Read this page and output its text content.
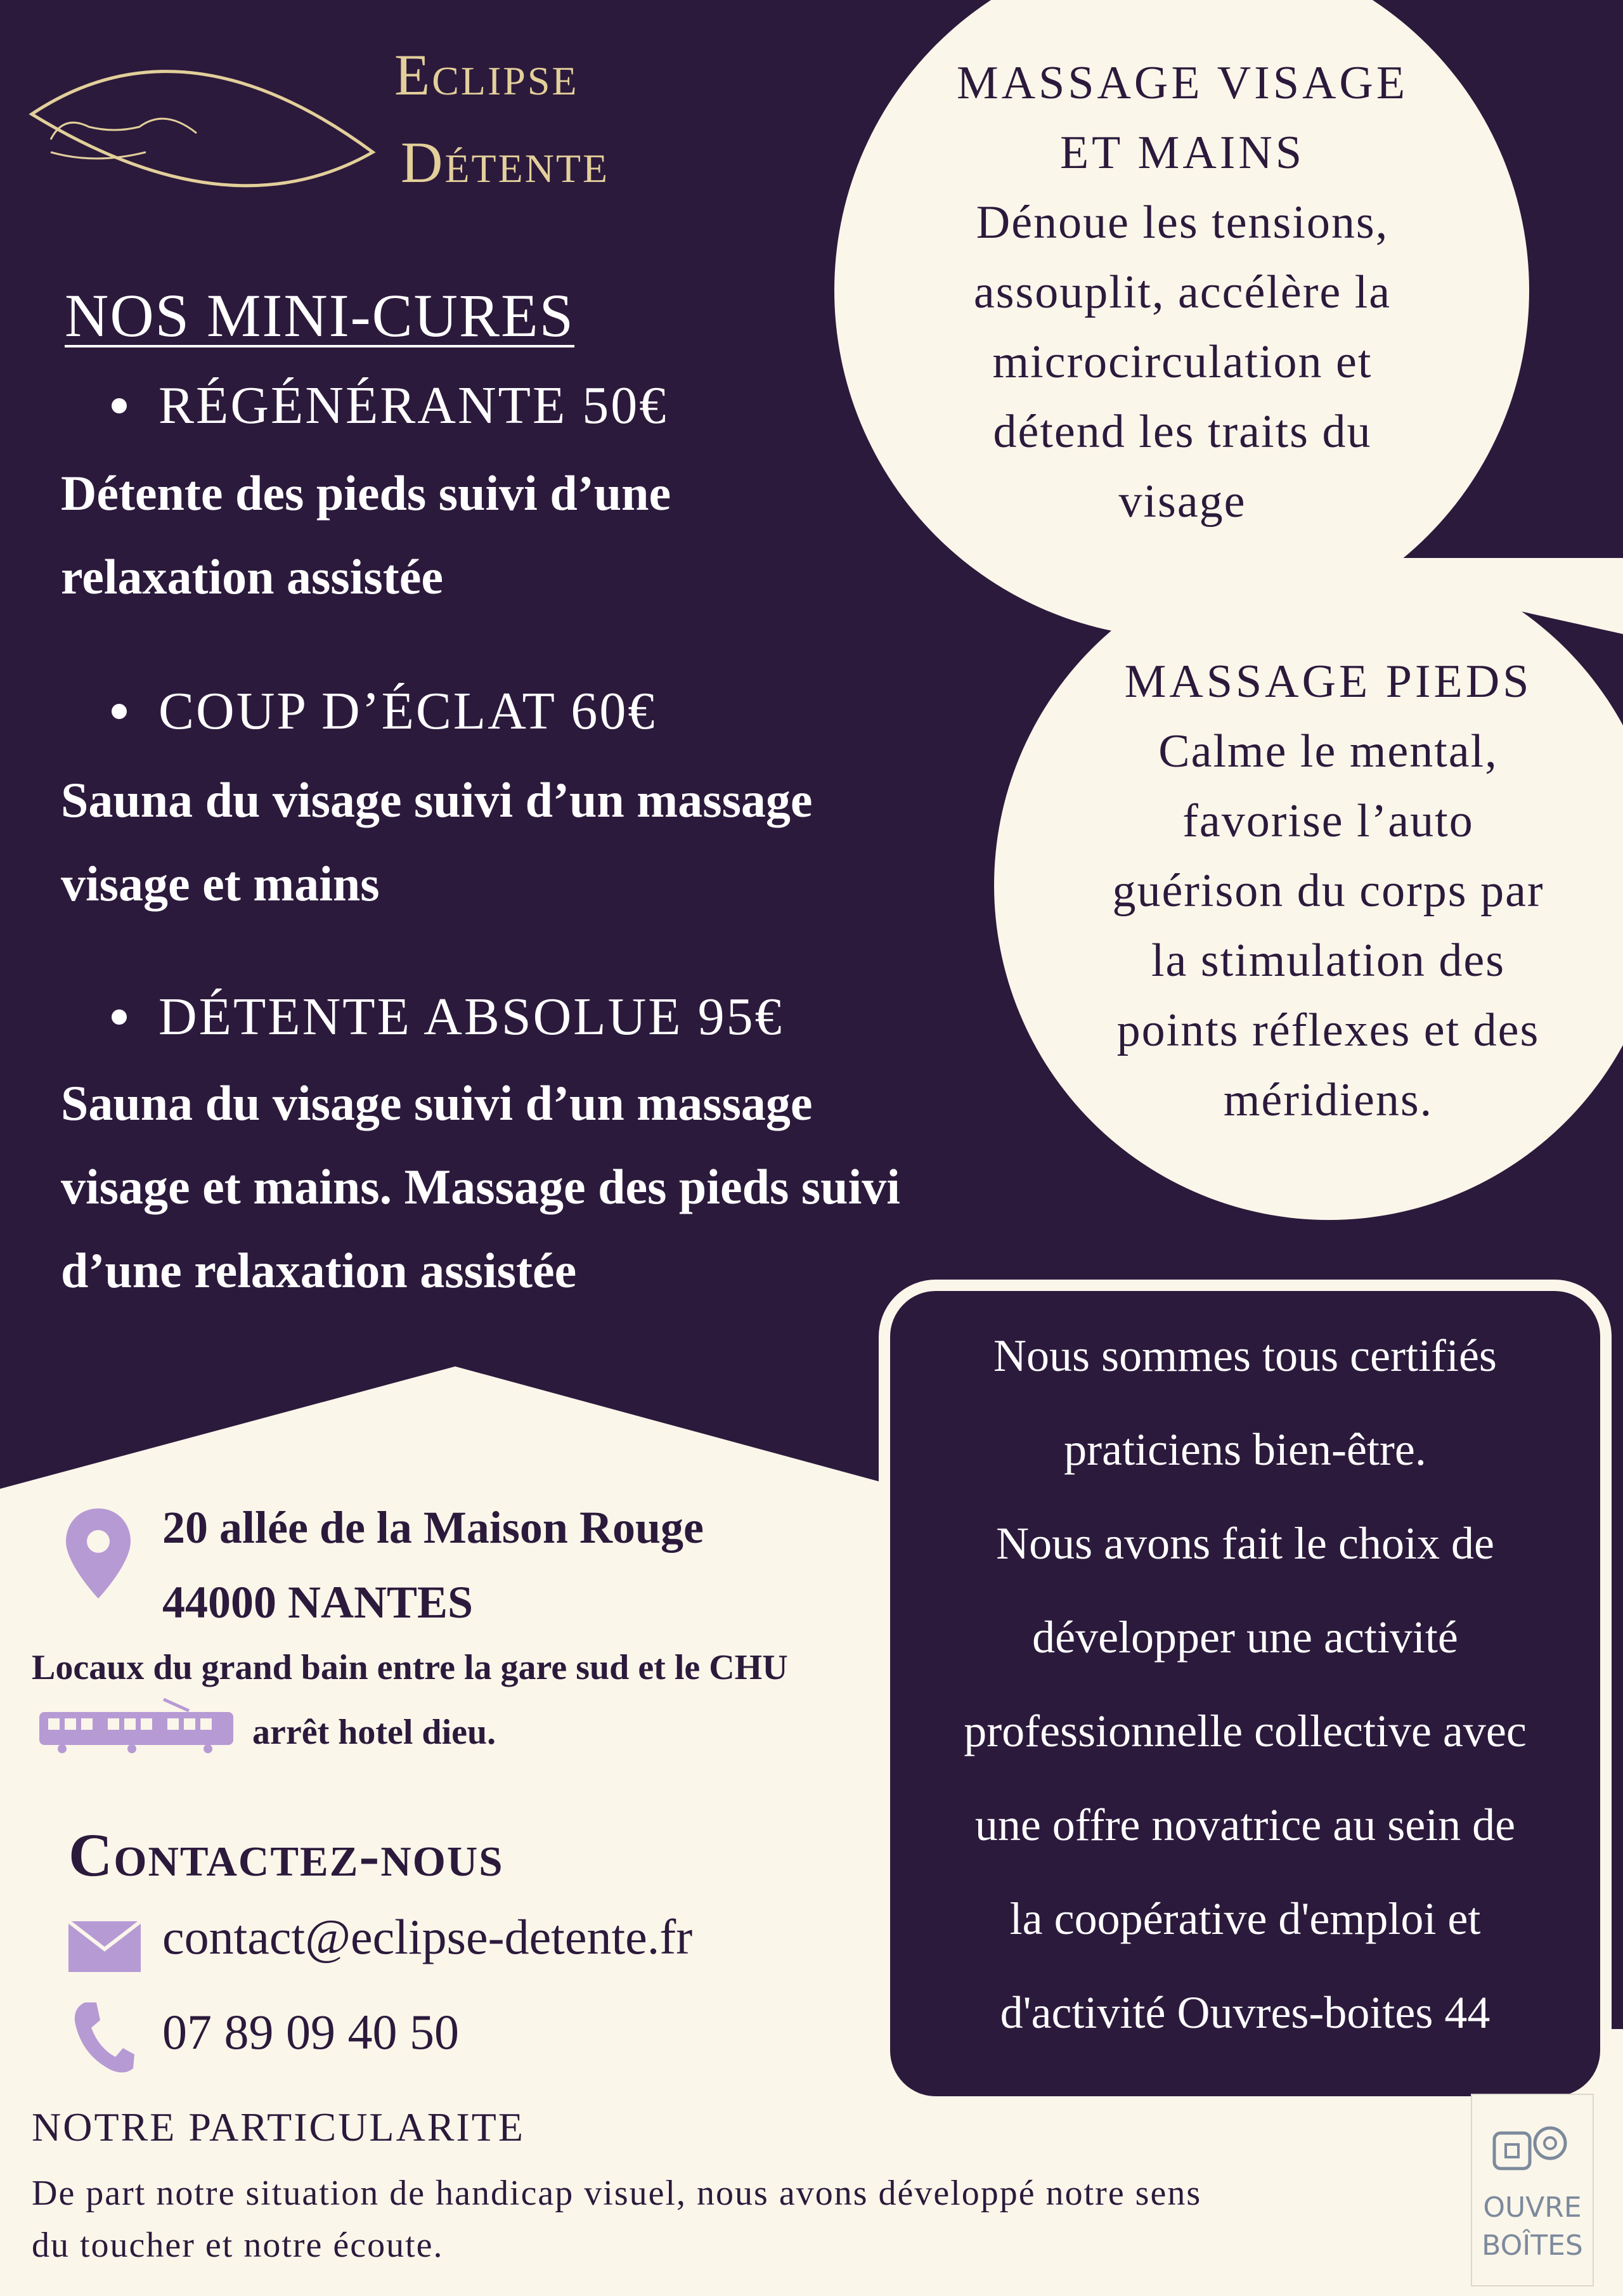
Eclipse
Détente
NOS MINI-CURES
RÉGÉNÉRANTE 50€
Détente des pieds suivi d’une relaxation assistée
COUP D’ÉCLAT 60€
Sauna du visage suivi d’un massage visage et mains
DÉTENTE ABSOLUE 95€
Sauna du visage suivi d’un massage visage et mains. Massage des pieds suivi d’une relaxation assistée
MASSAGE VISAGE
ET MAINS
Dénoue les tensions,
assouplit, accélère la
microcirculation et
détend les traits du
visage
MASSAGE PIEDS
Calme le mental,
favorise l’auto
guérison du corps par
la stimulation des
points réflexes et des
méridiens.
Nous sommes tous certifiés
praticiens bien-être.
Nous avons fait le choix de
développer une activité
professionnelle collective avec
une offre novatrice au sein de
la coopérative d'emploi et
d'activité Ouvres-boites 44
20 allée de la Maison Rouge
44000 NANTES
Locaux du grand bain entre la gare sud et le CHU
arrêt hotel dieu.
Contactez-nous
contact@eclipse-detente.fr
07 89 09 40 50
NOTRE PARTICULARITE
De part notre situation de handicap visuel, nous avons développé notre sens
du toucher et notre écoute.
OUVRE
BOÎTES
